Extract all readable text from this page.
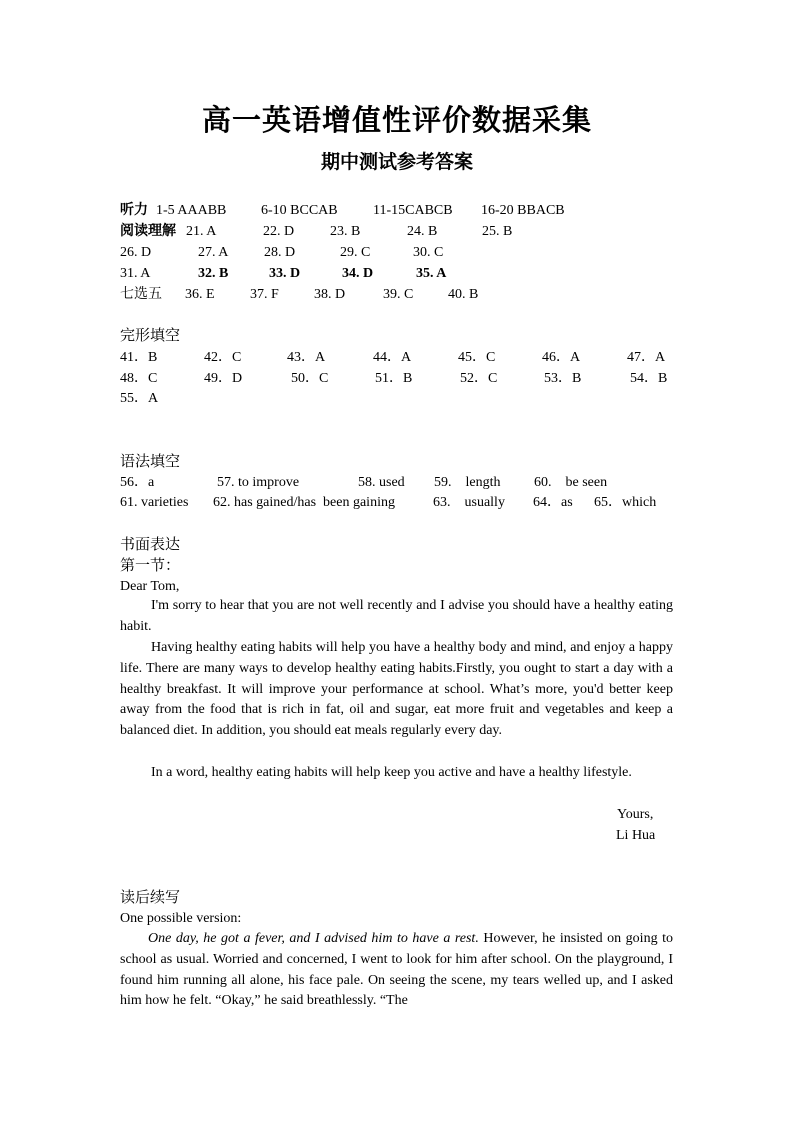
高一英语增值性评价数据采集
期中测试参考答案
听力 1-5 AAABB 6-10 BCCAB	11-15CABCB 16-20 BBACB
阅读理解 21. A	22. D	23. B	24. B	25. B
26. D	27. A	28. D	29. C	30. C
31. A	32. B	33. D	34. D	35. A
七选五 36. E	37. F	38. D	39. C 40. B
完形填空
41．B	42．C	43．A	44．A	45．C	46．A	47．A
48．C	49．D	50．C	51．B	52．C	53．B	54．B
55．A
语法填空
56．a	57. to improve	58. used 59.    length 60.    be seen
61. varieties 62. has gained/has  been gaining	63.    usually 64．as 65．which
书面表达
第一节：
Dear Tom,
I'm sorry to hear that you are not well recently and I advise you should have a healthy eating habit.
Having healthy eating habits will help you have a healthy body and mind, and enjoy a happy life. There are many ways to develop healthy eating habits.Firstly, you ought to start a day with a healthy breakfast. It will improve your performance at school. What’s more, you'd better keep away from the food that is rich in fat, oil and sugar, eat more fruit and vegetables and keep a balanced diet. In addition, you should eat meals regularly every day.
In a word, healthy eating habits will help keep you active and have a healthy lifestyle.
Yours,
Li Hua
读后续写
One possible version:
One day, he got a fever, and I advised him to have a rest. However, he insisted on going to school as usual. Worried and concerned, I went to look for him after school. On the playground, I found him running all alone, his face pale. On seeing the scene, my tears welled up, and I asked him how he felt. “Okay,” he said breathlessly. “The
